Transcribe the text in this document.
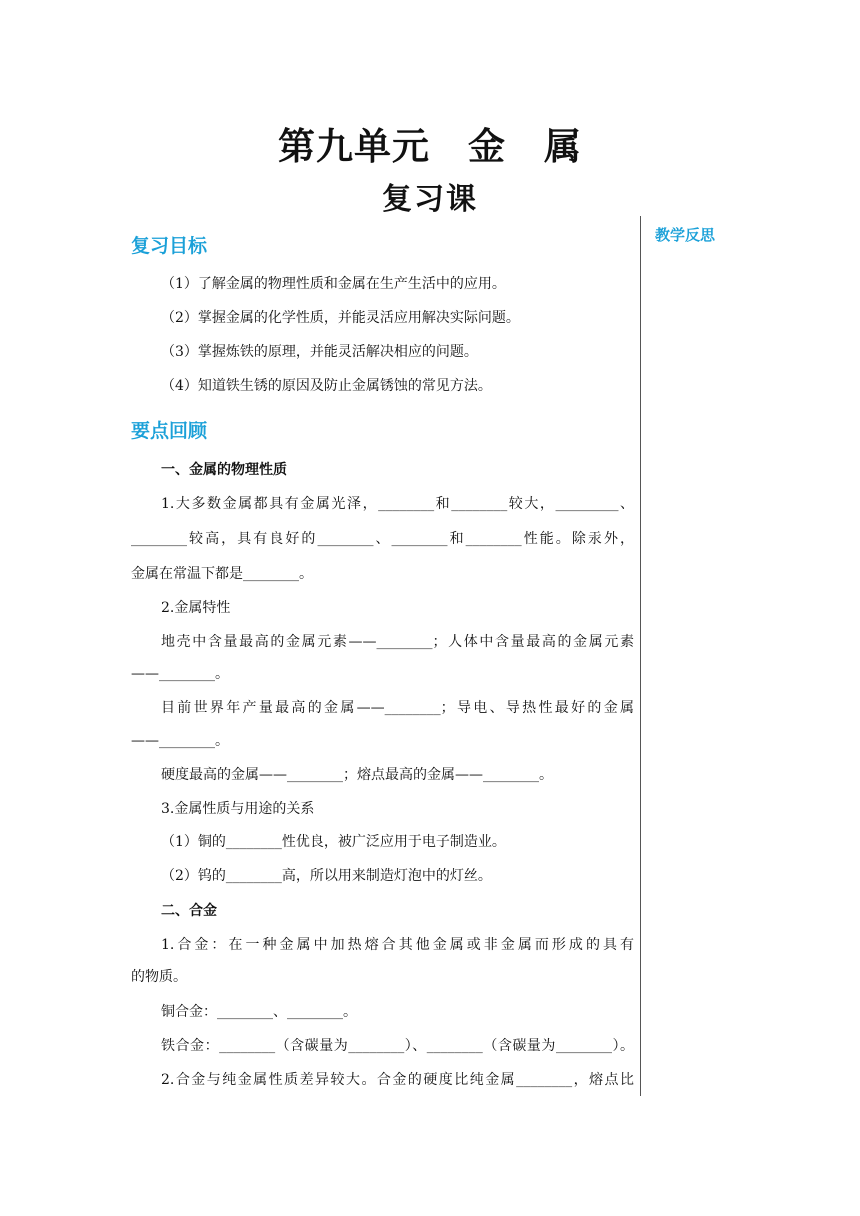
第九单元　金　属
复习课
教学反思
复习目标
（1）了解金属的物理性质和金属在生产生活中的应用。
（2）掌握金属的化学性质，并能灵活应用解决实际问题。
（3）掌握炼铁的原理，并能灵活解决相应的问题。
（4）知道铁生锈的原因及防止金属锈蚀的常见方法。
要点回顾
一、金属的物理性质
1.大多数金属都具有金属光泽，________和________较大，_________、
________较高，具有良好的________、________和________性能。除汞外，
金属在常温下都是________。
2.金属特性
地壳中含量最高的金属元素——________；人体中含量最高的金属元素
——________。
目前世界年产量最高的金属——________；导电、导热性最好的金属
——________。
硬度最高的金属——________；熔点最高的金属——________。
3.金属性质与用途的关系
（1）铜的________性优良，被广泛应用于电子制造业。
（2）钨的________高，所以用来制造灯泡中的灯丝。
二、合金
1.合金：在一种金属中加热熔合其他金属或非金属而形成的具有
的物质。
铜合金：________、________。
铁合金：________（含碳量为________）、________（含碳量为________）。
2.合金与纯金属性质差异较大。合金的硬度比纯金属________，熔点比
